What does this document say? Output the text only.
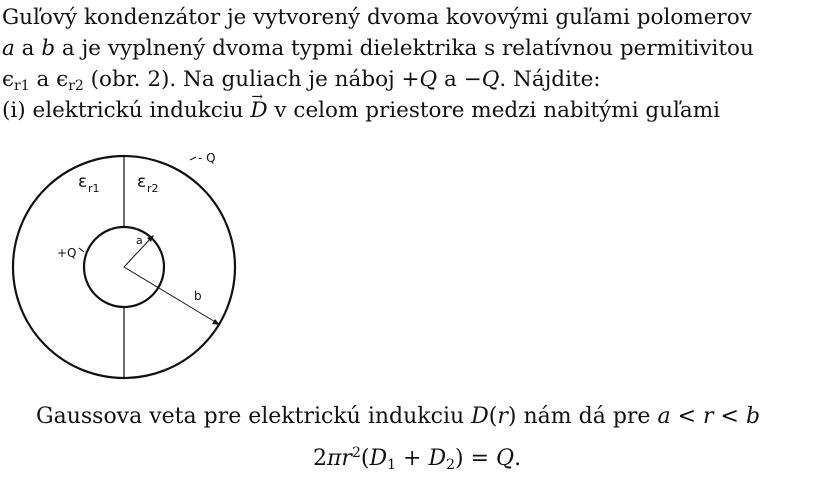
Guľový kondenzátor je vytvorený dvoma kovovými guľami polomerov
a a b a je vyplnený dvoma typmi dielektrika s relatívnou permitivitou
$\epsilon_{r1}$ a $\epsilon_{r2}$ (obr. 2). Na guliach je náboj +Q a −Q. Nájdite:
(i) elektrickú indukciu → D v celom priestore medzi nabitými guľami
- Q
+Q
ε r1 ε r2
a
b
Gaussova veta pre elektrickú indukciu D(r) nám dá pre a < r < b
$2\pi r^2(D_1 + D_2) = Q$.
